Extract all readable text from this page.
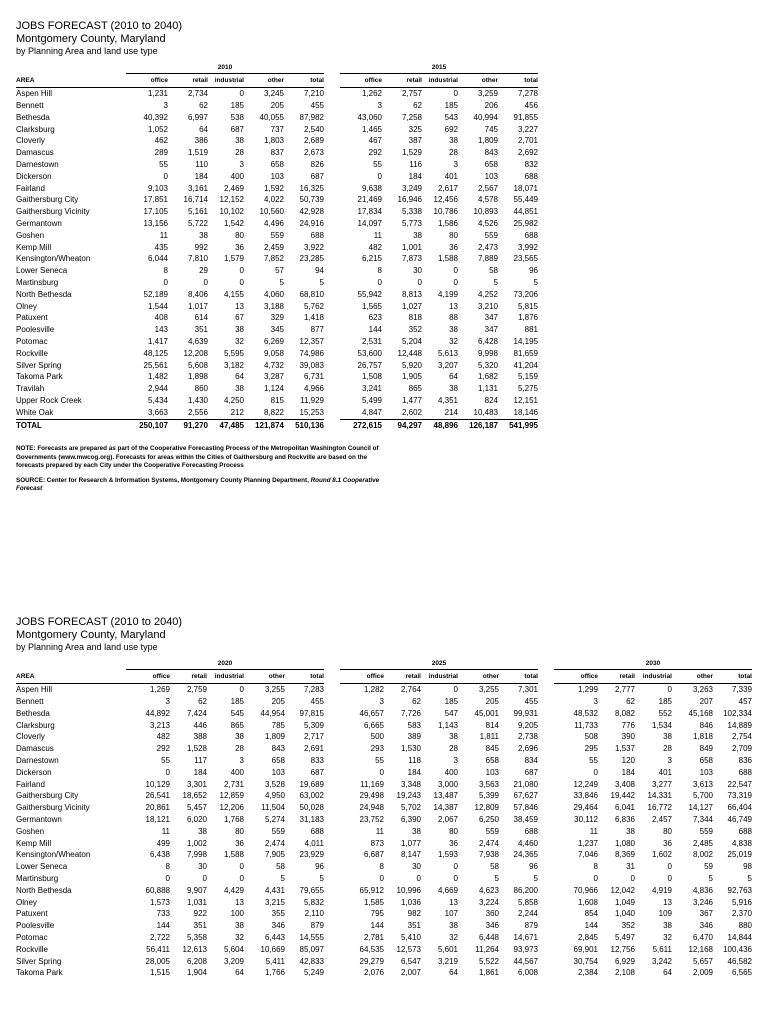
JOBS FORECAST (2010 to 2040)

Montgomery County, Maryland

by Planning Area and land use type

	2010						2015				
AREA	office	retail	industrial	other	total		office	retail	industrial	other	total
Aspen Hill	1,231	2,734	0	3,245	7,210		1,262	2,757	0	3,259	7,278
Bennett	3	62	185	205	455		3	62	185	206	456
Bethesda	40,392	6,997	538	40,055	87,982		43,060	7,258	543	40,994	91,855
Clarksburg	1,052	64	687	737	2,540		1,465	325	692	745	3,227
Cloverly	462	386	38	1,803	2,689		467	387	38	1,809	2,701
Damascus	289	1,519	28	837	2,673		292	1,529	28	843	2,692
Darnestown	55	110	3	658	826		55	116	3	658	832
Dickerson	0	184	400	103	687		0	184	401	103	688
Fairland	9,103	3,161	2,469	1,592	16,325		9,638	3,249	2,617	2,567	18,071
Gaithersburg City	17,851	16,714	12,152	4,022	50,739		21,469	16,946	12,456	4,578	55,449
Gaithersburg Vicinity	17,105	5,161	10,102	10,560	42,928		17,834	5,338	10,786	10,893	44,851
Germantown	13,156	5,722	1,542	4,496	24,916		14,097	5,773	1,586	4,526	25,982
Goshen	11	38	80	559	688		11	38	80	559	688
Kemp Mill	435	992	36	2,459	3,922		482	1,001	36	2,473	3,992
Kensington/Wheaton	6,044	7,810	1,579	7,852	23,285		6,215	7,873	1,588	7,889	23,565
Lower Seneca	8	29	0	57	94		8	30	0	58	96
Martinsburg	0	0	0	5	5		0	0	0	5	5
North Bethesda	52,189	8,406	4,155	4,060	68,810		55,942	8,813	4,199	4,252	73,206
Olney	1,544	1,017	13	3,188	5,762		1,565	1,027	13	3,210	5,815
Patuxent	408	614	67	329	1,418		623	818	88	347	1,876
Poolesville	143	351	38	345	877		144	352	38	347	881
Potomac	1,417	4,639	32	6,269	12,357		2,531	5,204	32	6,428	14,195
Rockville	48,125	12,208	5,595	9,058	74,986		53,600	12,448	5,613	9,998	81,659
Silver Spring	25,561	5,608	3,182	4,732	39,083		26,757	5,920	3,207	5,320	41,204
Takoma Park	1,482	1,898	64	3,287	6,731		1,508	1,905	64	1,682	5,159
Travilah	2,944	860	38	1,124	4,966		3,241	865	38	1,131	5,275
Upper Rock Creek	5,434	1,430	4,250	815	11,929		5,499	1,477	4,351	824	12,151
White Oak	3,663	2,556	212	8,822	15,253		4,847	2,602	214	10,483	18,146
TOTAL	250,107	91,270	47,485	121,874	510,136		272,615	94,297	48,896	126,187	541,995

NOTE: Forecasts are prepared as part of the Cooperative Forecasting Process of the Metropolitan Washington Council of Governments (www.mwcog.org). Forecasts for areas within the Cities of Gaithersburg and Rockville are based on the forecasts prepared by each City under the Cooperative Forecasting Process

SOURCE: Center for Research & Information Systems, Montgomery County Planning Department, Round 8.1 Cooperative Forecast

JOBS FORECAST (2010 to 2040)

Montgomery County, Maryland

by Planning Area and land use type

	2020						2025						2030				
AREA	office	retail	industrial	other	total		office	retail	industrial	other	total		office	retail	industrial	other	total
Aspen Hill	1,269	2,759	0	3,255	7,283		1,282	2,764	0	3,255	7,301		1,299	2,777	0	3,263	7,339
Bennett	3	62	185	205	455		3	62	185	205	455		3	62	185	207	457
Bethesda	44,892	7,424	545	44,954	97,815		46,657	7,726	547	45,001	99,931		48,532	8,082	552	45,168	102,334
Clarksburg	3,213	446	865	785	5,309		6,665	583	1,143	814	9,205		11,733	776	1,534	846	14,889
Cloverly	482	388	38	1,809	2,717		500	389	38	1,811	2,738		508	390	38	1,818	2,754
Damascus	292	1,528	28	843	2,691		293	1,530	28	845	2,696		295	1,537	28	849	2,709
Darnestown	55	117	3	658	833		55	118	3	658	834		55	120	3	658	836
Dickerson	0	184	400	103	687		0	184	400	103	687		0	184	401	103	688
Fairland	10,129	3,301	2,731	3,528	19,689		11,169	3,348	3,000	3,563	21,080		12,249	3,408	3,277	3,613	22,547
Gaithersburg City	26,541	18,652	12,859	4,950	63,002		29,498	19,243	13,487	5,399	67,627		33,846	19,442	14,331	5,700	73,319
Gaithersburg Vicinity	20,861	5,457	12,206	11,504	50,028		24,948	5,702	14,387	12,809	57,846		29,464	6,041	16,772	14,127	66,404
Germantown	18,121	6,020	1,768	5,274	31,183		23,752	6,390	2,067	6,250	38,459		30,112	6,836	2,457	7,344	46,749
Goshen	11	38	80	559	688		11	38	80	559	688		11	38	80	559	688
Kemp Mill	499	1,002	36	2,474	4,011		873	1,077	36	2,474	4,460		1,237	1,080	36	2,485	4,838
Kensington/Wheaton	6,438	7,998	1,588	7,905	23,929		6,687	8,147	1,593	7,938	24,365		7,046	8,369	1,602	8,002	25,019
Lower Seneca	8	30	0	58	96		8	30	0	58	96		8	31	0	59	98
Martinsburg	0	0	0	5	5		0	0	0	5	5		0	0	0	5	5
North Bethesda	60,888	9,907	4,429	4,431	79,655		65,912	10,996	4,669	4,623	86,200		70,966	12,042	4,919	4,836	92,763
Olney	1,573	1,031	13	3,215	5,832		1,585	1,036	13	3,224	5,858		1,608	1,049	13	3,246	5,916
Patuxent	733	922	100	355	2,110		795	982	107	360	2,244		854	1,040	109	367	2,370
Poolesville	144	351	38	346	879		144	351	38	346	879		144	352	38	346	880
Potomac	2,722	5,358	32	6,443	14,555		2,781	5,410	32	6,448	14,671		2,845	5,497	32	6,470	14,844
Rockville	56,411	12,613	5,604	10,669	85,097		64,535	12,573	5,601	11,264	93,973		69,901	12,756	5,611	12,168	100,436
Silver Spring	28,005	6,208	3,209	5,411	42,833		29,279	6,547	3,219	5,522	44,567		30,754	6,929	3,242	5,657	46,582
Takoma Park	1,515	1,904	64	1,766	5,249		2,076	2,007	64	1,861	6,008		2,384	2,108	64	2,009	6,565
